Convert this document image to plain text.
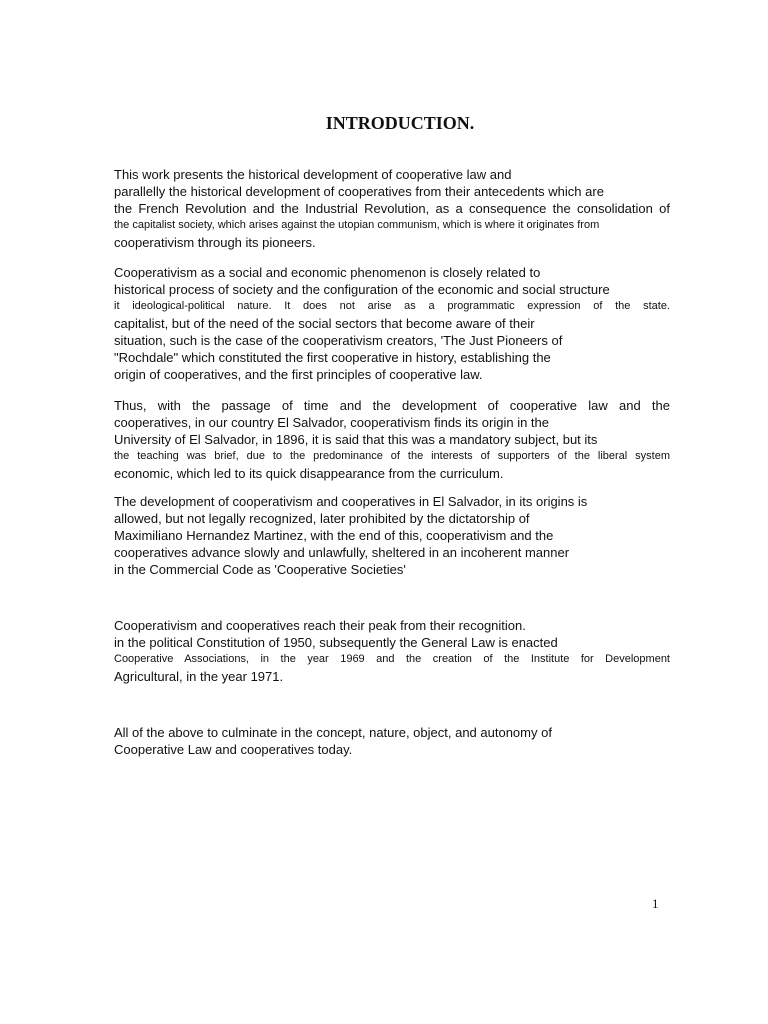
INTRODUCTION.

This work presents the historical development of cooperative law and
parallelly the historical development of cooperatives from their antecedents which are
the French Revolution and the Industrial Revolution, as a consequence the consolidation of
the capitalist society, which arises against the utopian communism, which is where it originates from
cooperativism through its pioneers.

Cooperativism as a social and economic phenomenon is closely related to
historical process of society and the configuration of the economic and social structure
it ideological-political nature. It does not arise as a programmatic expression of the state.
capitalist, but of the need of the social sectors that become aware of their
situation, such is the case of the cooperativism creators, 'The Just Pioneers of
"Rochdale" which constituted the first cooperative in history, establishing the
origin of cooperatives, and the first principles of cooperative law.

Thus, with the passage of time and the development of cooperative law and the
cooperatives, in our country El Salvador, cooperativism finds its origin in the
University of El Salvador, in 1896, it is said that this was a mandatory subject, but its
the teaching was brief, due to the predominance of the interests of supporters of the liberal system
economic, which led to its quick disappearance from the curriculum.

The development of cooperativism and cooperatives in El Salvador, in its origins is
allowed, but not legally recognized, later prohibited by the dictatorship of
Maximiliano Hernandez Martinez, with the end of this, cooperativism and the
cooperatives advance slowly and unlawfully, sheltered in an incoherent manner
in the Commercial Code as 'Cooperative Societies'

Cooperativism and cooperatives reach their peak from their recognition.
in the political Constitution of 1950, subsequently the General Law is enacted
Cooperative Associations, in the year 1969 and the creation of the Institute for Development
Agricultural, in the year 1971.

All of the above to culminate in the concept, nature, object, and autonomy of
Cooperative Law and cooperatives today.

1
